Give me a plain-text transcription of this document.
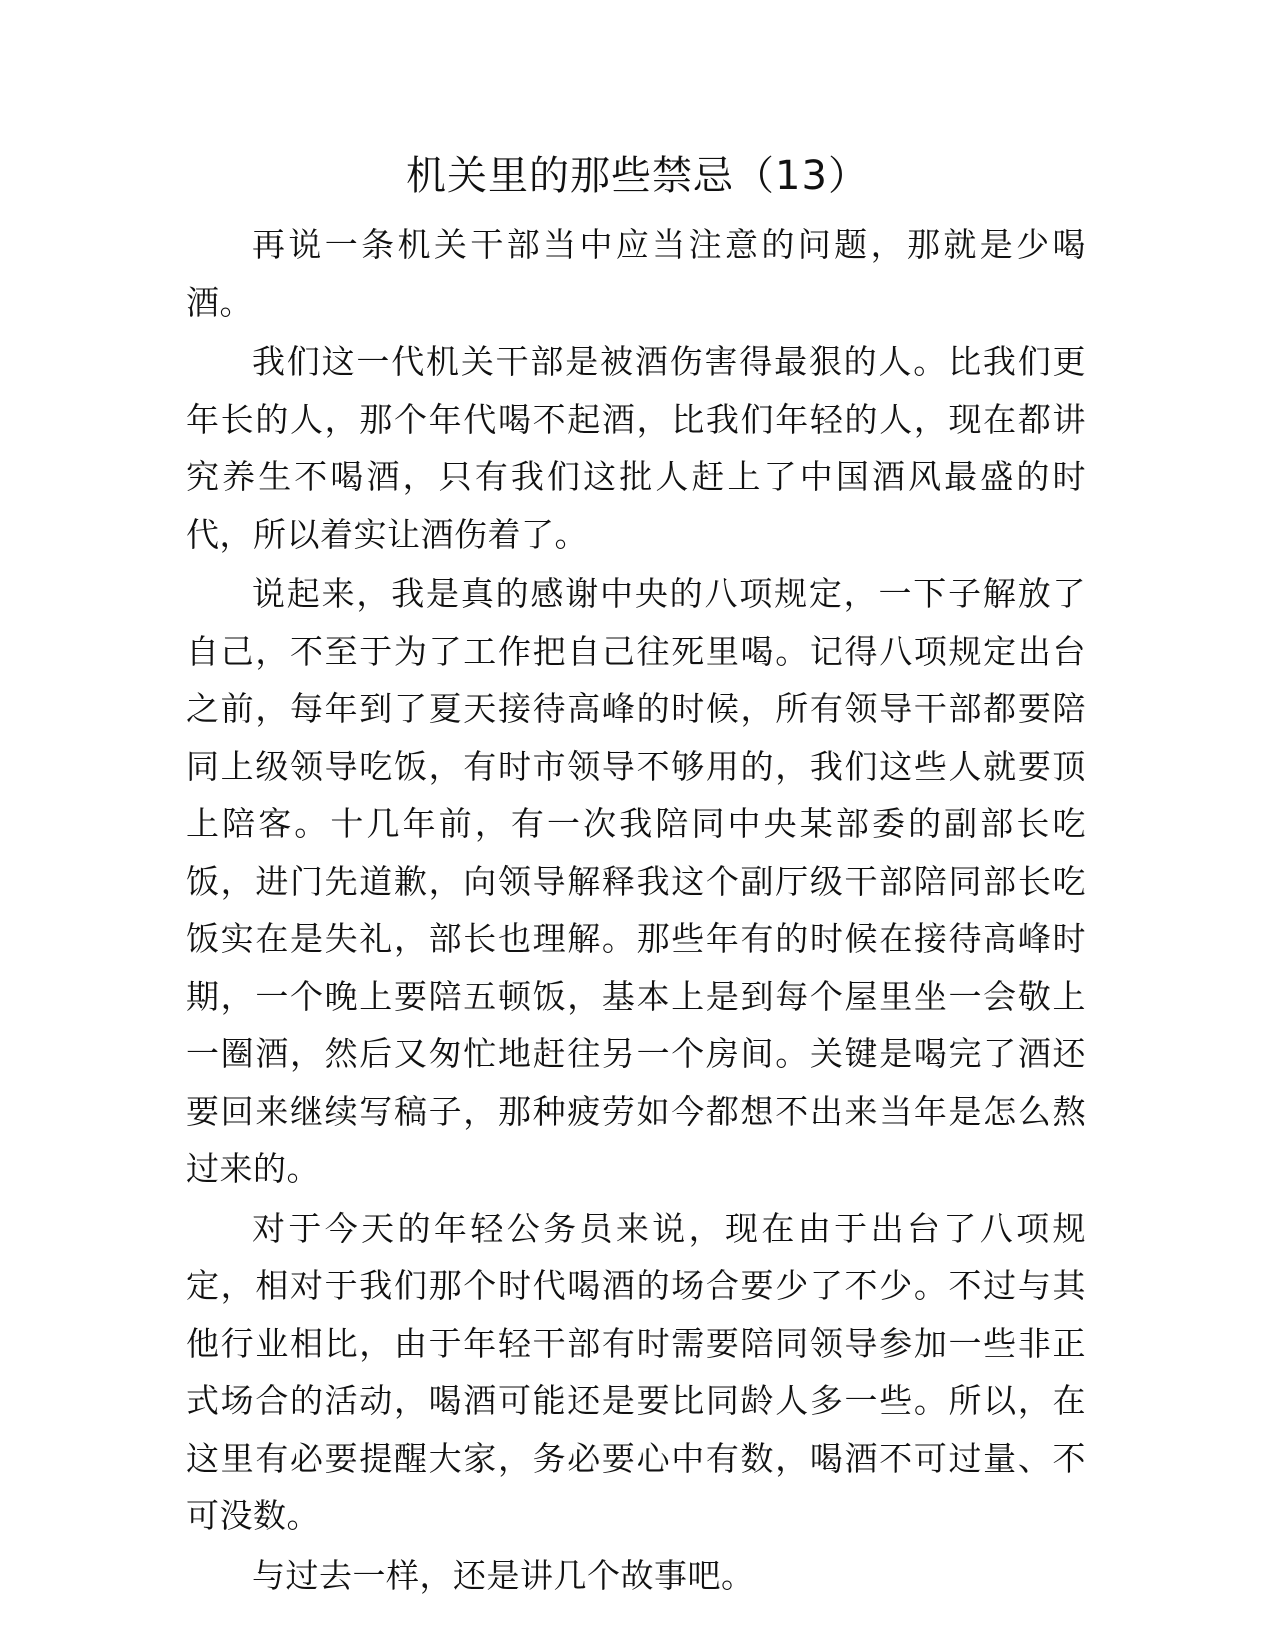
机关里的那些禁忌（13）

再说一条机关干部当中应当注意的问题，那就是少喝酒。

我们这一代机关干部是被酒伤害得最狠的人。比我们更年长的人，那个年代喝不起酒，比我们年轻的人，现在都讲究养生不喝酒，只有我们这批人赶上了中国酒风最盛的时代，所以着实让酒伤着了。

说起来，我是真的感谢中央的八项规定，一下子解放了自己，不至于为了工作把自己往死里喝。记得八项规定出台之前，每年到了夏天接待高峰的时候，所有领导干部都要陪同上级领导吃饭，有时市领导不够用的，我们这些人就要顶上陪客。十几年前，有一次我陪同中央某部委的副部长吃饭，进门先道歉，向领导解释我这个副厅级干部陪同部长吃饭实在是失礼，部长也理解。那些年有的时候在接待高峰时期，一个晚上要陪五顿饭，基本上是到每个屋里坐一会敬上一圈酒，然后又匆忙地赶往另一个房间。关键是喝完了酒还要回来继续写稿子，那种疲劳如今都想不出来当年是怎么熬过来的。

对于今天的年轻公务员来说，现在由于出台了八项规定，相对于我们那个时代喝酒的场合要少了不少。不过与其他行业相比，由于年轻干部有时需要陪同领导参加一些非正式场合的活动，喝酒可能还是要比同龄人多一些。所以，在这里有必要提醒大家，务必要心中有数，喝酒不可过量、不可没数。

与过去一样，还是讲几个故事吧。
